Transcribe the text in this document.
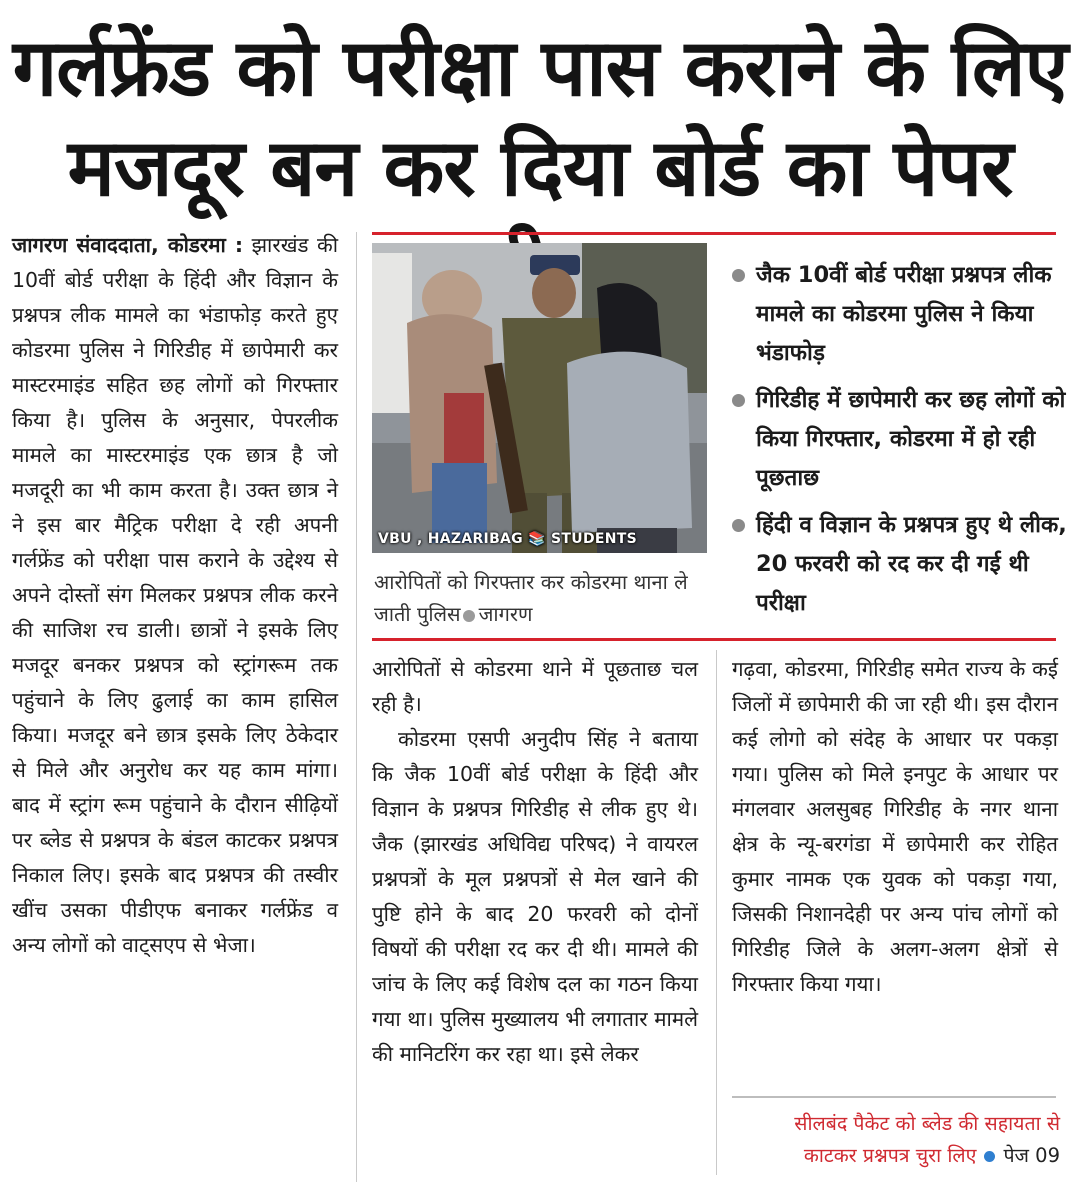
गर्लफ्रेंड को परीक्षा पास कराने के लिए
मजदूर बन कर दिया बोर्ड का पेपर

जागरण संवाददाता, कोडरमा : झारखंड की 10वीं बोर्ड परीक्षा के हिंदी और विज्ञान के प्रश्नपत्र लीक मामले का भंडाफोड़ करते हुए कोडरमा पुलिस ने गिरिडीह में छापेमारी कर मास्टरमाइंड सहित छह लोगों को गिरफ्तार किया है। पुलिस के अनुसार, पेपरलीक मामले का मास्टरमाइंड एक छात्र है जो मजदूरी का भी काम करता है। उक्त छात्र ने ने इस बार मैट्रिक परीक्षा दे रही अपनी गर्लफ्रेंड को परीक्षा पास कराने के उद्देश्य से अपने दोस्तों संग मिलकर प्रश्नपत्र लीक करने की साजिश रच डाली। छात्रों ने इसके लिए मजदूर बनकर प्रश्नपत्र को स्ट्रांगरूम तक पहुंचाने के लिए ढुलाई का काम हासिल किया। मजदूर बने छात्र इसके लिए ठेकेदार से मिले और अनुरोध कर यह काम मांगा। बाद में स्ट्रांग रूम पहुंचाने के दौरान सीढ़ियों पर ब्लेड से प्रश्नपत्र के बंडल काटकर प्रश्नपत्र निकाल लिए। इसके बाद प्रश्नपत्र की तस्वीर खींच उसका पीडीएफ बनाकर गर्लफ्रेंड व अन्य लोगों को वाट्सएप से भेजा।

VBU , HAZARIBAG 📚 STUDENTS
आरोपितों को गिरफ्तार कर कोडरमा थाना ले जाती पुलिस जागरण
जैक 10वीं बोर्ड परीक्षा प्रश्नपत्र लीक मामले का कोडरमा पुलिस ने किया भंडाफोड़
गिरिडीह में छापेमारी कर छह लोगों को किया गिरफ्तार, कोडरमा में हो रही पूछताछ
हिंदी व विज्ञान के प्रश्नपत्र हुए थे लीक, 20 फरवरी को रद कर दी गई थी परीक्षा

आरोपितों से कोडरमा थाने में पूछताछ चल रही है।

कोडरमा एसपी अनुदीप सिंह ने बताया कि जैक 10वीं बोर्ड परीक्षा के हिंदी और विज्ञान के प्रश्नपत्र गिरिडीह से लीक हुए थे। जैक (झारखंड अधिविद्य परिषद) ने वायरल प्रश्नपत्रों के मूल प्रश्नपत्रों से मेल खाने की पुष्टि होने के बाद 20 फरवरी को दोनों विषयों की परीक्षा रद कर दी थी। मामले की जांच के लिए कई विशेष दल का गठन किया गया था। पुलिस मुख्यालय भी लगातार मामले की मानिटरिंग कर रहा था। इसे लेकर

गढ़वा, कोडरमा, गिरिडीह समेत राज्य के कई जिलों में छापेमारी की जा रही थी। इस दौरान कई लोगो को संदेह के आधार पर पकड़ा गया। पुलिस को मिले इनपुट के आधार पर मंगलवार अलसुबह गिरिडीह के नगर थाना क्षेत्र के न्यू-बरगंडा में छापेमारी कर रोहित कुमार नामक एक युवक को पकड़ा गया, जिसकी निशानदेही पर अन्य पांच लोगों को गिरिडीह जिले के अलग-अलग क्षेत्रों से गिरफ्तार किया गया।

सीलबंद पैकेट को ब्लेड की सहायता से
काटकर प्रश्नपत्र चुरा लिए पेज 09
